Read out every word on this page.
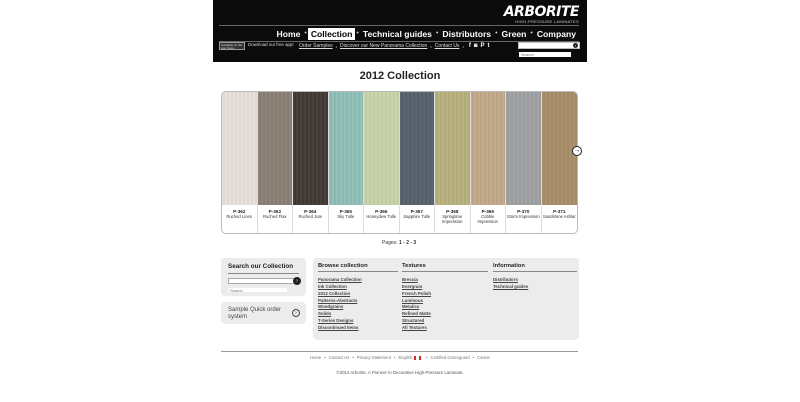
ARBORITE
HIGH-PRESSURE LAMINATES
Home • Collection • Technical guides • Distributors • Green • Company
Available on the App Store
Download our free app! Order Samples • Discover our New Panorama Collection • Contact Us • f ◙ P t
Search	›
2012 Collection
P-362
Ruched Linen
P-363
Ruched Flax
P-364
Ruched Jute
P-365
Sky Tulle
P-366
Honeydew Tulle
P-367
Sapphire Tulle
P-368
Springtime Impression
P-369
Cobble Impression
P-370
Storm Impression
P-371
Sandstone Ashlar
→
Pages: 1 - 2 - 3
Search our Collection
Search
›
Sample Quick order system
›
Browse collection
Panorama Collection
Ink Collection
2012 Collection
Patterns-Abstracts
Woodgrains
Solids
T-Series Designs
Discontinued Items
Textures
Breccia
Evergrain
French Polish
Luminous
Metalics
Refined Matte
Structured
All Textures
Information
Distributors
Technical guides
Home • Contact Us • Privacy Statement • English	• Certified Greenguard • Career
©2013 Arborite. A Pioneer in Decorative High-Pressure Laminate.
